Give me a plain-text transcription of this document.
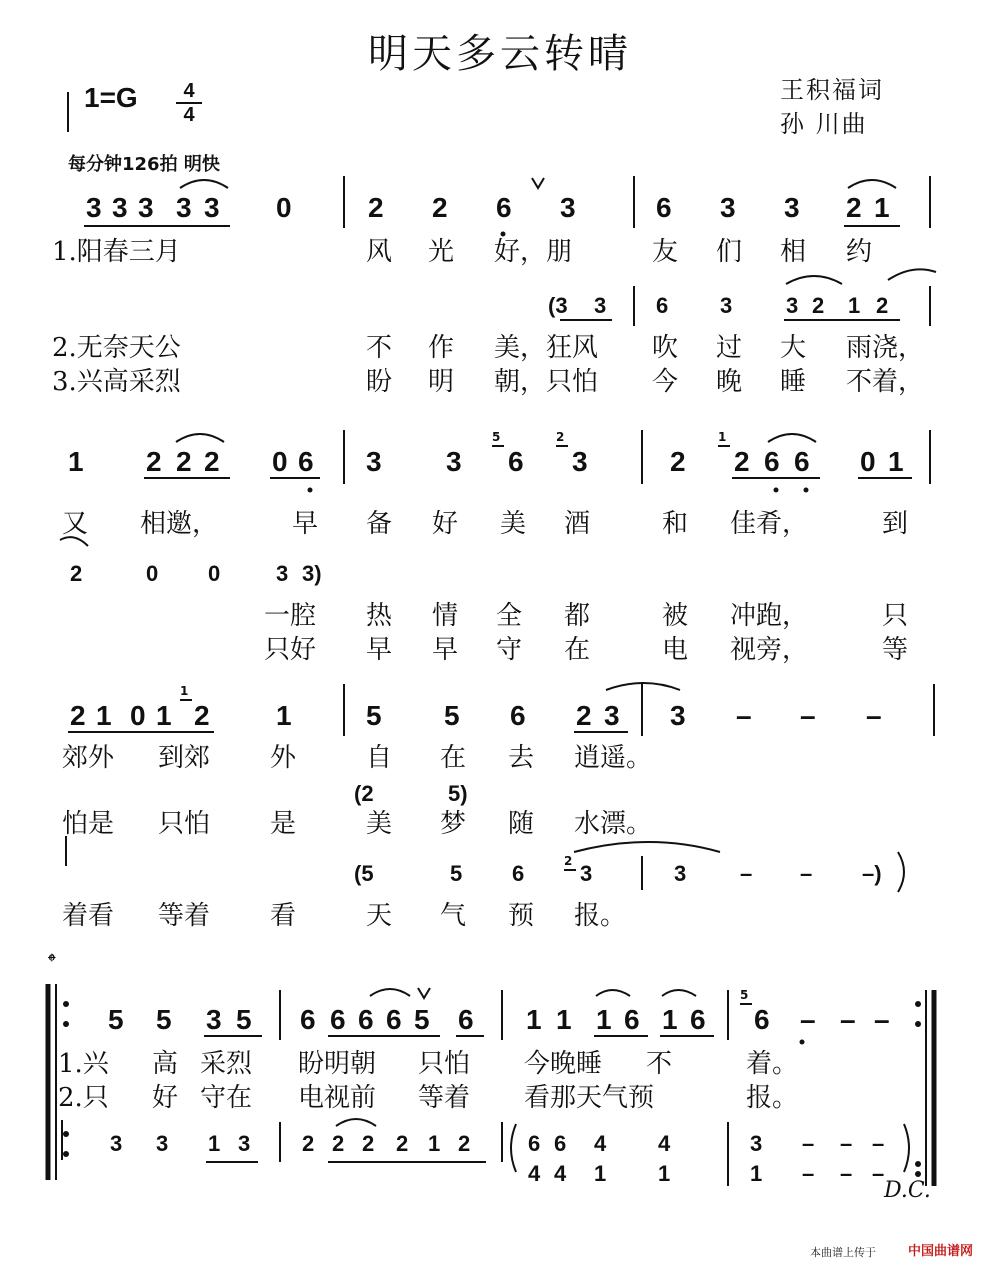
明天多云转晴
1=G	4
4
王积福词
孙 川曲
每分钟126拍 明快
3 3 3 3 3 0	2 2 6 3	6 3 3 2 1
1.阳春三月	风 光 好，朋	友 们 相 约
(3 3 6 3 3 2 1 2
2.无奈天公	不 作 美，狂风 吹 过 大 雨浇，
3.兴高采烈	盼 明 朝，只怕 今 晚 睡 不着，
1 2 2 2 0 6 3 3 6 3	2 2 6 6 0 1
又 相邀，	早 备 好 美 酒	和 佳肴，	到
2	0 0	3 3)
一腔 热 情 全 都	被 冲跑，	只
只好 早 早 守 在	电 视旁，	等
2 1 0 1 2 1	5 5 6 2 3 3 – – –
郊外 到郊 外	自 在 去 逍遥。
(2	5)
怕是 只怕 是	美 梦 随 水漂。
(5	5 6	3	3 – – –)
着看 等着 看	天 气 预 报。
𝄌
5 5 3 5 6 6 6 6 5 6 1 1 1 6 1 6 6 – – –
1.兴 高 采烈 盼明朝 只怕 今晚睡 不	着。
2.只 好 守在 电视前 等着 看那天气预	报。
3 3 1 3 2 2 2 2 1 2	6 6 4 4	3 – – –
4 4 1 1	1 – – –
5	2	1
1
5
2
D.C.
本曲谱上传于 中国曲谱网
